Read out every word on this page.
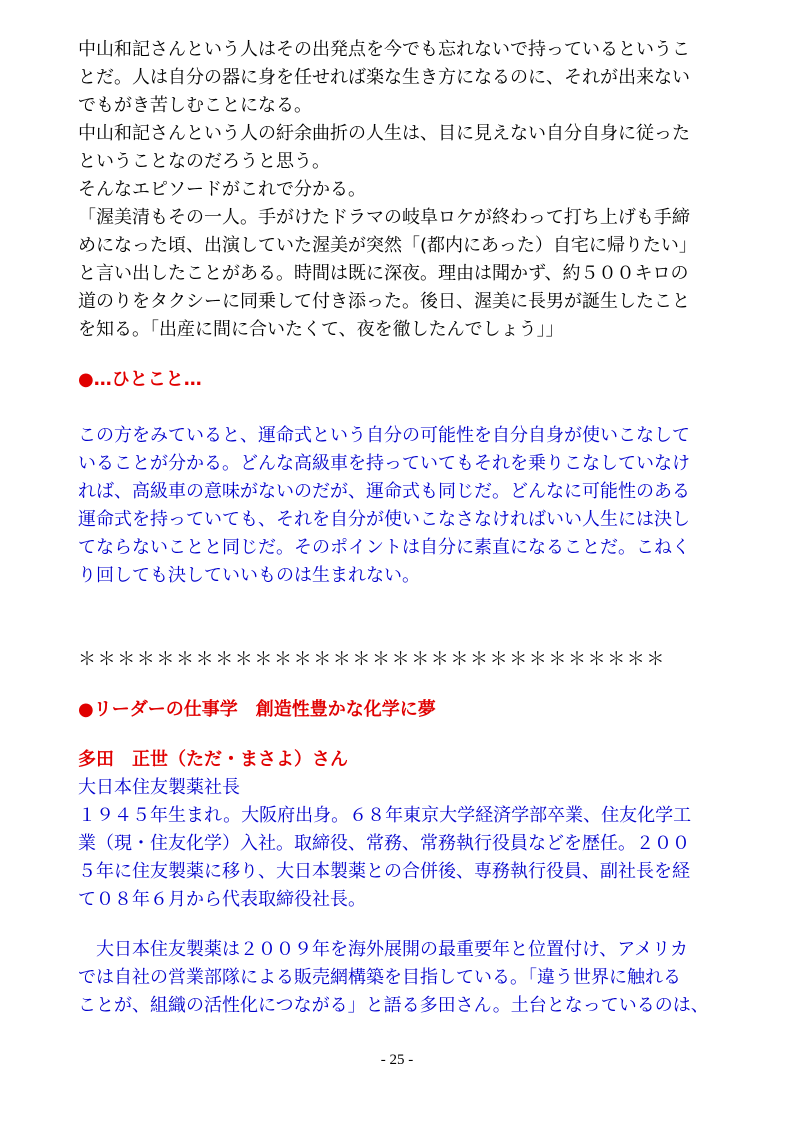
中山和記さんという人はその出発点を今でも忘れないで持っているというこ
とだ。人は自分の器に身を任せれば楽な生き方になるのに、それが出来ない
でもがき苦しむことになる。
中山和記さんという人の紆余曲折の人生は、目に見えない自分自身に従った
ということなのだろうと思う。
そんなエピソードがこれで分かる。
「渥美清もその一人。手がけたドラマの岐阜ロケが終わって打ち上げも手締
めになった頃、出演していた渥美が突然「(都内にあった）自宅に帰りたい」
と言い出したことがある。時間は既に深夜。理由は聞かず、約５００キロの
道のりをタクシーに同乗して付き添った。後日、渥美に長男が誕生したこと
を知る。「出産に間に合いたくて、夜を徹したんでしょう」」
●…ひとこと…
この方をみていると、運命式という自分の可能性を自分自身が使いこなして
いることが分かる。どんな高級車を持っていてもそれを乗りこなしていなけ
れば、高級車の意味がないのだが、運命式も同じだ。どんなに可能性のある
運命式を持っていても、それを自分が使いこなさなければいい人生には決し
てならないことと同じだ。そのポイントは自分に素直になることだ。こねく
り回しても決していいものは生まれない。
＊＊＊＊＊＊＊＊＊＊＊＊＊＊＊＊＊＊＊＊＊＊＊＊＊＊＊＊＊＊
●リーダーの仕事学　創造性豊かな化学に夢
多田　正世（ただ・まさよ）さん
大日本住友製薬社長
１９４５年生まれ。大阪府出身。６８年東京大学経済学部卒業、住友化学工
業（現・住友化学）入社。取締役、常務、常務執行役員などを歴任。２００
５年に住友製薬に移り、大日本製薬との合併後、専務執行役員、副社長を経
て０８年６月から代表取締役社長。
大日本住友製薬は２００９年を海外展開の最重要年と位置付け、アメリカ
では自社の営業部隊による販売網構築を目指している。「違う世界に触れる
ことが、組織の活性化につながる」と語る多田さん。土台となっているのは、
- 25 -
